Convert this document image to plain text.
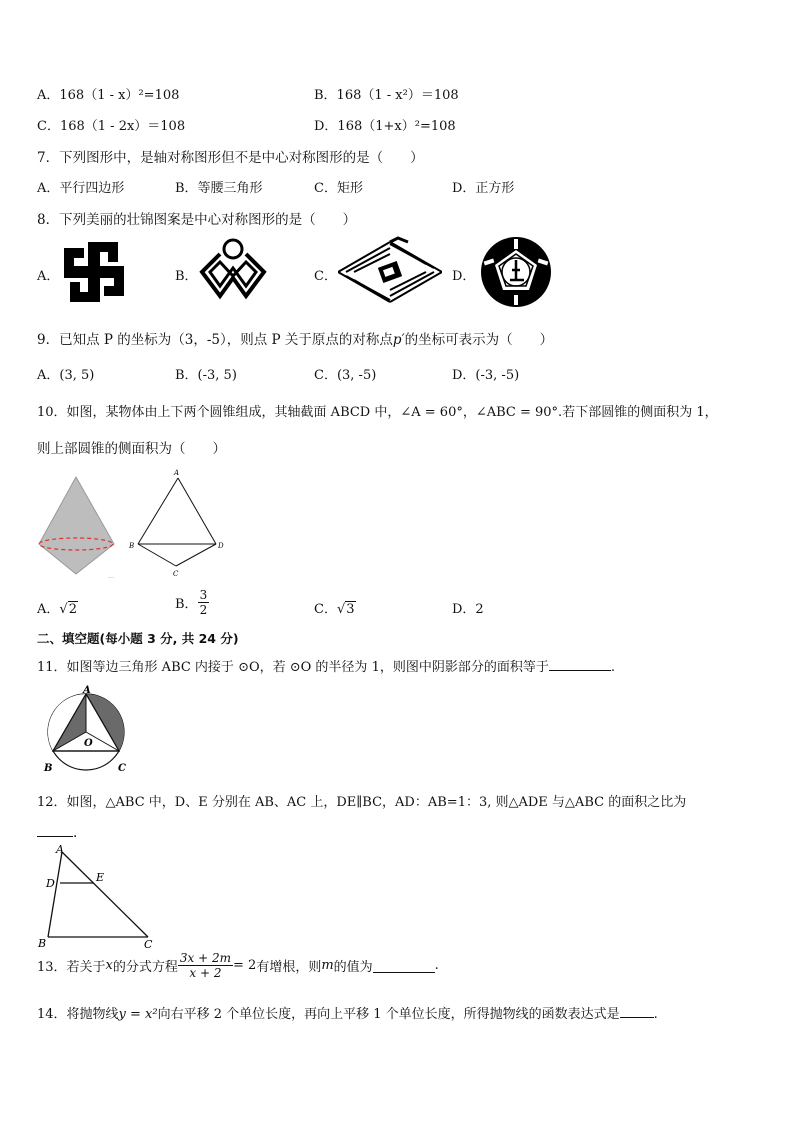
A．168（1 - x）²=108	B．168（1 - x²）＝108
C．168（1 - 2x）＝108	D．168（1+x）²=108
7．下列图形中，是轴对称图形但不是中心对称图形的是（　　）
A．平行四边形	B．等腰三角形	C．矩形	D．正方形
8．下列美丽的壮锦图案是中心对称图形的是（　　）
A．	B．	C．	D．
9．已知点 P 的坐标为（3，-5），则点 P 关于原点的对称点p′的坐标可表示为（　　）
A．(3, 5)	B．(-3, 5)	C．(3, -5)	D．(-3, -5)
10．如图，某物体由上下两个圆锥组成，其轴截面 ABCD 中，∠A = 60°，∠ABC = 90°.若下部圆锥的侧面积为 1，
则上部圆锥的侧面积为（　　）
…
A
B	D
C
A．√2	B． $\frac{3}{2}$	C．√3	D．2
二、填空题(每小题 3 分, 共 24 分)
11．如图等边三角形 ABC 内接于 ⊙O，若 ⊙O 的半径为 1，则图中阴影部分的面积等于	.
A
O
B	C
12．如图，△ABC 中，D、E 分别在 AB、AC 上，DE∥BC，AD：AB=1：3, 则△ADE 与△ABC 的面积之比为
.
A
D	E
B	C
13．若关于x的分式方程 $\frac{3x + 2m}{x + 2} = 2$有增根，则m的值为	.
14．将抛物线y = x²向右平移 2 个单位长度，再向上平移 1 个单位长度，所得抛物线的函数表达式是	.
